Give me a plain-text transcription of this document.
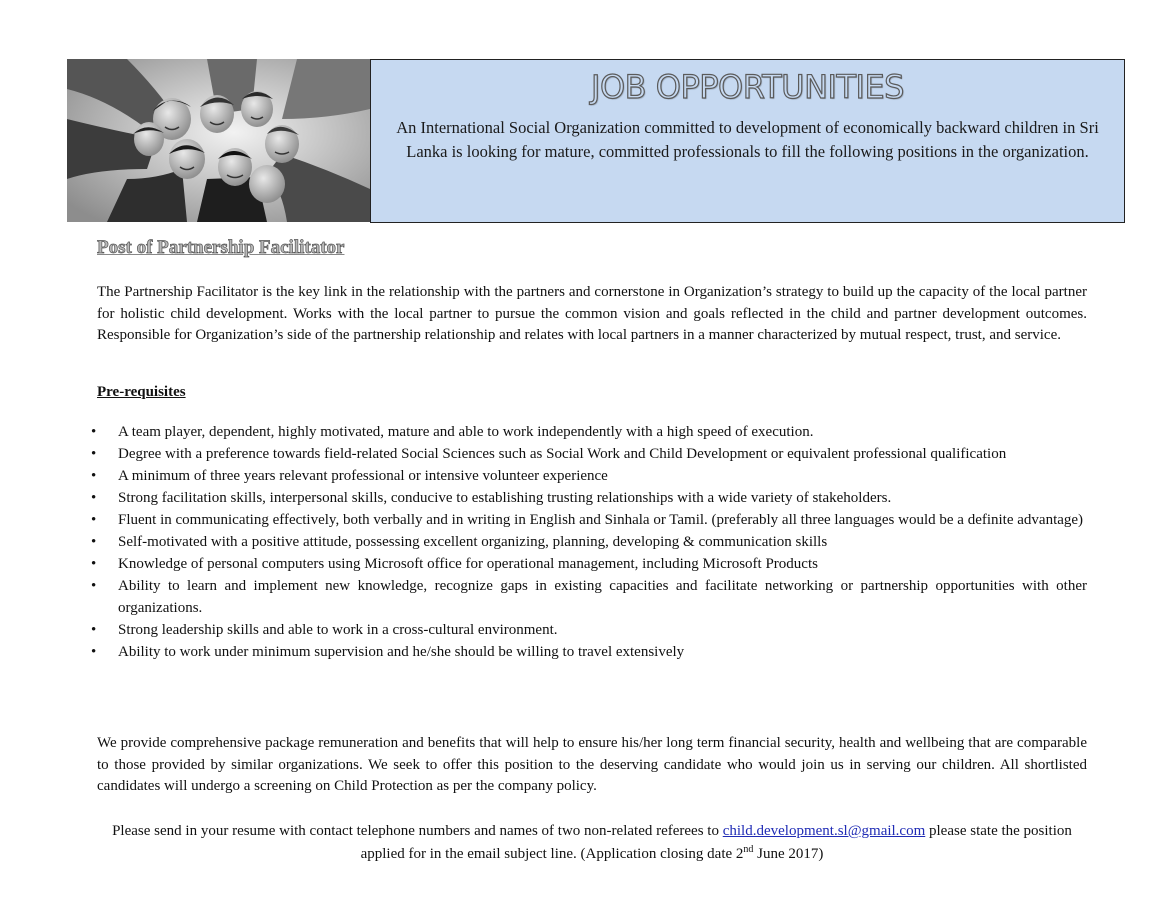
JOB OPPORTUNITIES
An International Social Organization committed to development of economically backward children in Sri Lanka is looking for mature, committed professionals to fill the following positions in the organization.
Post of Partnership Facilitator

The Partnership Facilitator is the key link in the relationship with the partners and cornerstone in Organization’s strategy to build up the capacity of the local partner for holistic child development. Works with the local partner to pursue the common vision and goals reflected in the child and partner development outcomes. Responsible for Organization’s side of the partnership relationship and relates with local partners in a manner characterized by mutual respect, trust, and service.

Pre-requisites
• A team player, dependent, highly motivated, mature and able to work independently with a high speed of execution.
• Degree with a preference towards field-related Social Sciences such as Social Work and Child Development or equivalent professional qualification
• A minimum of three years relevant professional or intensive volunteer experience
• Strong facilitation skills, interpersonal skills, conducive to establishing trusting relationships with a wide variety of stakeholders.
• Fluent in communicating effectively, both verbally and in writing in English and Sinhala or Tamil. (preferably all three languages would be a definite advantage)
• Self-motivated with a positive attitude, possessing excellent organizing, planning, developing & communication skills
• Knowledge of personal computers using Microsoft office for operational management, including Microsoft Products
• Ability to learn and implement new knowledge, recognize gaps in existing capacities and facilitate networking or partnership opportunities with other organizations.
• Strong leadership skills and able to work in a cross-cultural environment.
• Ability to work under minimum supervision and he/she should be willing to travel extensively

We provide comprehensive package remuneration and benefits that will help to ensure his/her long term financial security, health and wellbeing that are comparable to those provided by similar organizations. We seek to offer this position to the deserving candidate who would join us in serving our children. All shortlisted candidates will undergo a screening on Child Protection as per the company policy.

Please send in your resume with contact telephone numbers and names of two non-related referees to child.development.sl@gmail.com please state the position applied for in the email subject line. (Application closing date 2nd June 2017)
